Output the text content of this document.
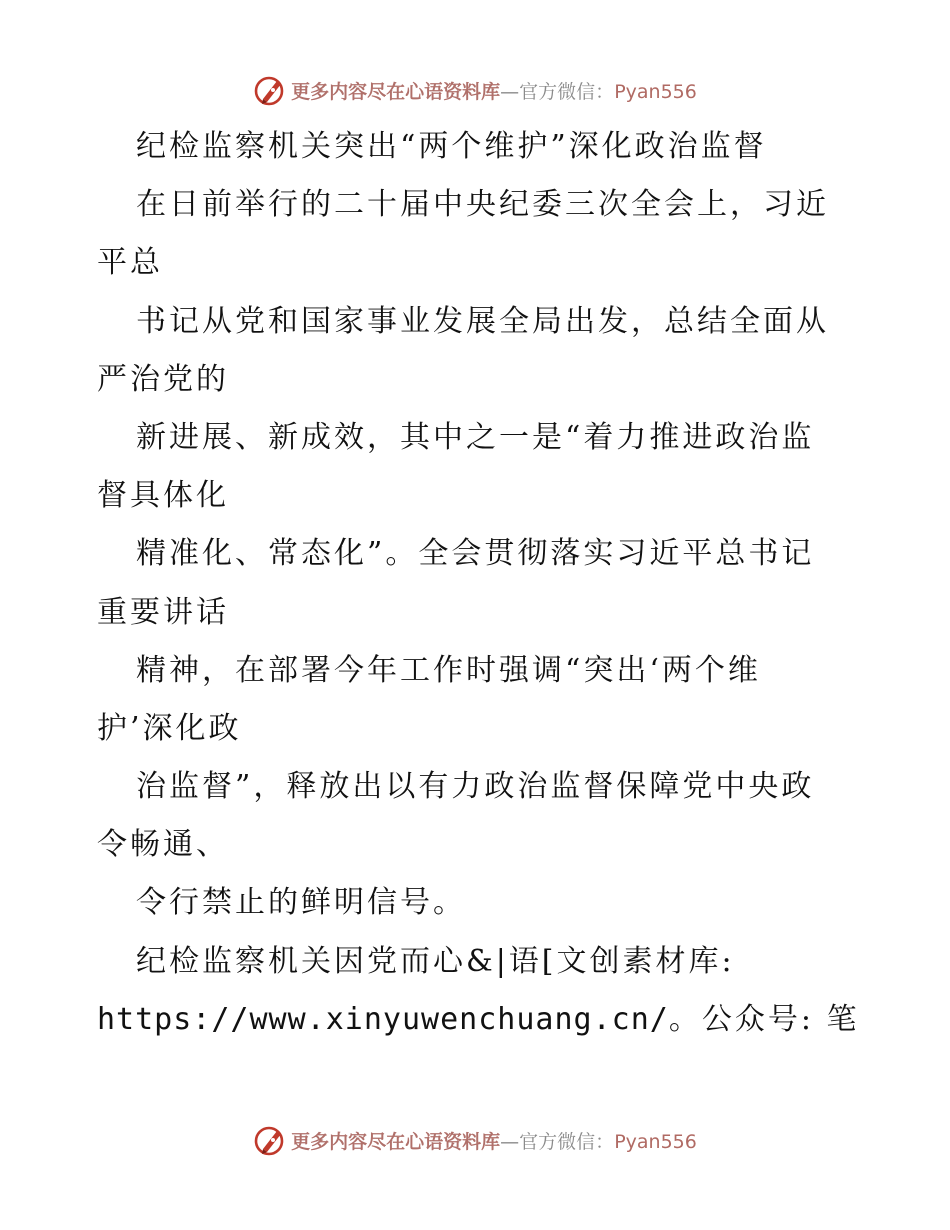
更多内容尽在心语资料库—官方微信：Pyan556
纪检监察机关突出“两个维护”深化政治监督
在日前举行的二十届中央纪委三次全会上，习近
平总
书记从党和国家事业发展全局出发，总结全面从
严治党的
新进展、新成效，其中之一是“着力推进政治监
督具体化
精准化、常态化”。全会贯彻落实习近平总书记
重要讲话
精神，在部署今年工作时强调“突出‘两个维
护’深化政
治监督”，释放出以有力政治监督保障党中央政
令畅通、
令行禁止的鲜明信号。
纪检监察机关因党而心&|语[文创素材库:
https://www.xinyuwenchuang.cn/。公众号: 笔
更多内容尽在心语资料库—官方微信：Pyan556
